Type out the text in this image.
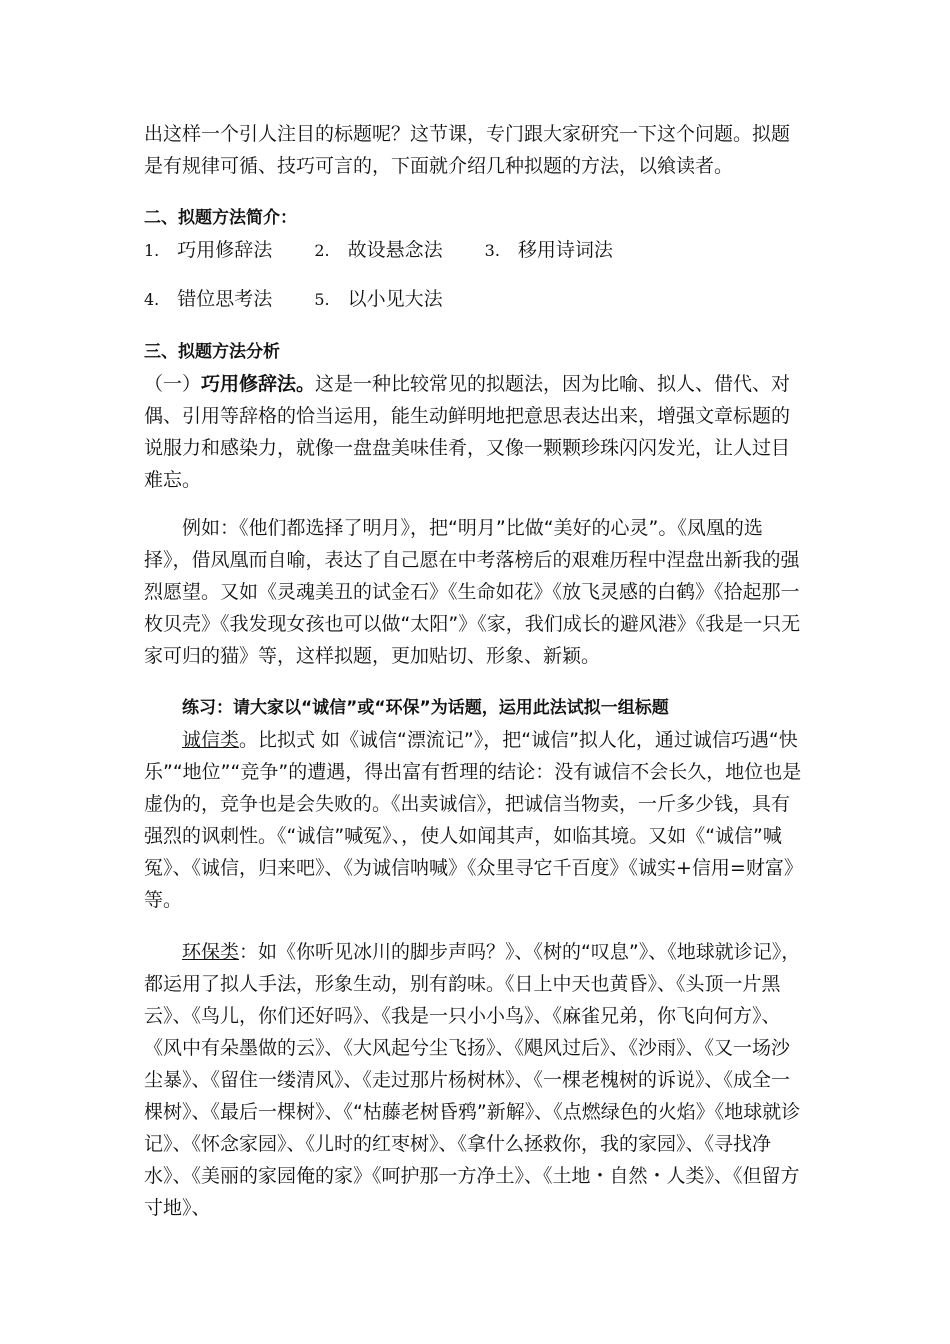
出这样一个引人注目的标题呢？这节课，专门跟大家研究一下这个问题。拟题是有规律可循、技巧可言的，下面就介绍几种拟题的方法，以飨读者。

二、拟题方法简介：

1. 巧用修辞法	2. 故设悬念法	3. 移用诗词法

4. 错位思考法	5. 以小见大法

三、拟题方法分析

（一）巧用修辞法。这是一种比较常见的拟题法，因为比喻、拟人、借代、对偶、引用等辞格的恰当运用，能生动鲜明地把意思表达出来，增强文章标题的说服力和感染力，就像一盘盘美味佳肴，又像一颗颗珍珠闪闪发光，让人过目难忘。

例如：《他们都选择了明月》，把“明月”比做“美好的心灵”。《凤凰的选择》，借凤凰而自喻，表达了自己愿在中考落榜后的艰难历程中涅盘出新我的强烈愿望。又如《灵魂美丑的试金石》《生命如花》《放飞灵感的白鹤》《拾起那一枚贝壳》《我发现女孩也可以做“太阳”》《家，我们成长的避风港》《我是一只无家可归的猫》等，这样拟题，更加贴切、形象、新颖。

练习：请大家以“诚信”或“环保”为话题，运用此法试拟一组标题

诚信类。比拟式 如《诚信“漂流记”》，把“诚信”拟人化，通过诚信巧遇“快乐”“地位”“竞争”的遭遇，得出富有哲理的结论：没有诚信不会长久，地位也是虚伪的，竞争也是会失败的。《出卖诚信》，把诚信当物卖，一斤多少钱，具有强烈的讽刺性。《“诚信”喊冤》、，使人如闻其声，如临其境。又如《“诚信”喊冤》、《诚信，归来吧》、《为诚信呐喊》《众里寻它千百度》《诚实+信用=财富》等。

环保类：如《你听见冰川的脚步声吗？》、《树的“叹息”》、《地球就诊记》，都运用了拟人手法，形象生动，别有韵味。《日上中天也黄昏》、《头顶一片黑云》、《鸟儿，你们还好吗》、《我是一只小小鸟》、《麻雀兄弟，你飞向何方》、《风中有朵墨做的云》、《大风起兮尘飞扬》、《飓风过后》、《沙雨》、《又一场沙尘暴》、《留住一缕清风》、《走过那片杨树林》、《一棵老槐树的诉说》、《成全一棵树》、《最后一棵树》、《“枯藤老树昏鸦”新解》、《点燃绿色的火焰》《地球就诊记》、《怀念家园》、《儿时的红枣树》、《拿什么拯救你，我的家园》、《寻找净水》、《美丽的家园俺的家》《呵护那一方净土》、《土地・自然・人类》、《但留方寸地》、
